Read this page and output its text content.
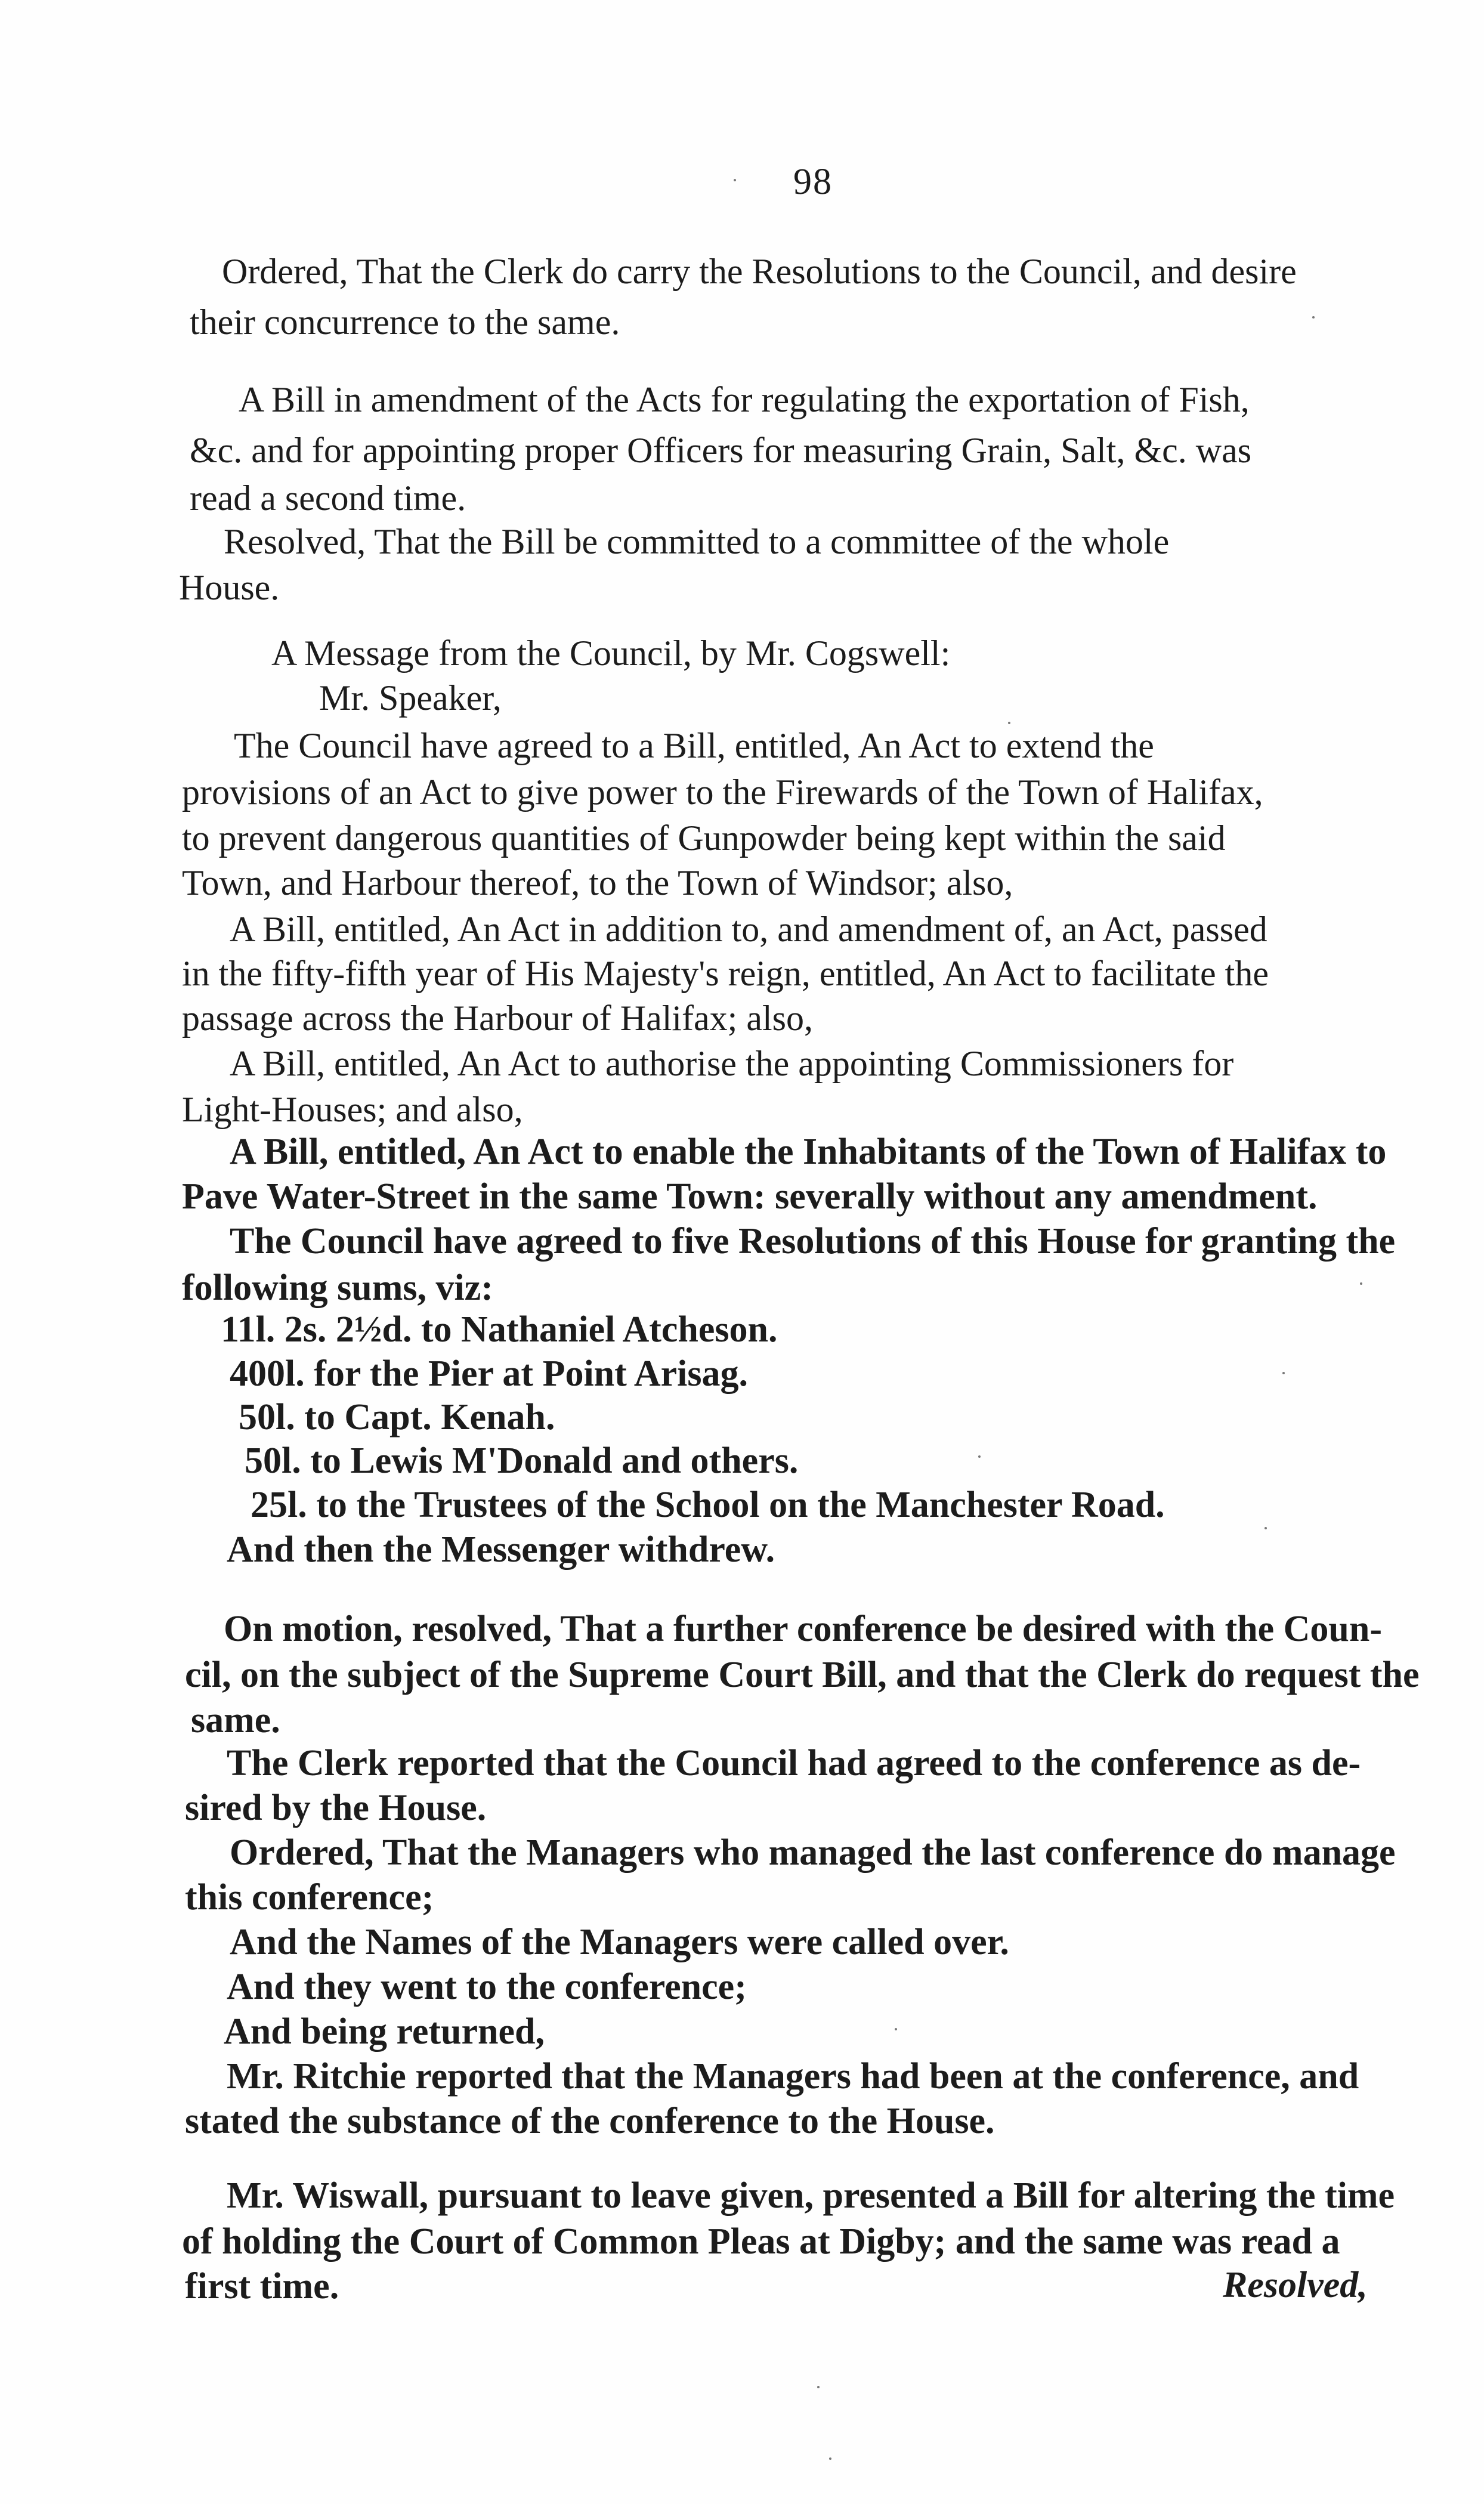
98
Ordered, That the Clerk do carry the Resolutions to the Council, and desire
their concurrence to the same.
A Bill in amendment of the Acts for regulating the exportation of Fish,
&c. and for appointing proper Officers for measuring Grain, Salt, &c. was
read a second time.
Resolved, That the Bill be committed to a committee of the whole
House.
A Message from the Council, by Mr. Cogswell:
Mr. Speaker,
The Council have agreed to a Bill, entitled, An Act to extend the
provisions of an Act to give power to the Firewards of the Town of Halifax,
to prevent dangerous quantities of Gunpowder being kept within the said
Town, and Harbour thereof, to the Town of Windsor; also,
A Bill, entitled, An Act in addition to, and amendment of, an Act, passed
in the fifty-fifth year of His Majesty's reign, entitled, An Act to facilitate the
passage across the Harbour of Halifax; also,
A Bill, entitled, An Act to authorise the appointing Commissioners for
Light-Houses; and also,
A Bill, entitled, An Act to enable the Inhabitants of the Town of Halifax to
Pave Water-Street in the same Town: severally without any amendment.
The Council have agreed to five Resolutions of this House for granting the
following sums, viz:
11l. 2s. 2½d. to Nathaniel Atcheson.
400l. for the Pier at Point Arisag.
50l. to Capt. Kenah.
50l. to Lewis M'Donald and others.
25l. to the Trustees of the School on the Manchester Road.
And then the Messenger withdrew.
On motion, resolved, That a further conference be desired with the Coun-
cil, on the subject of the Supreme Court Bill, and that the Clerk do request the
same.
The Clerk reported that the Council had agreed to the conference as de-
sired by the House.
Ordered, That the Managers who managed the last conference do manage
this conference;
And the Names of the Managers were called over.
And they went to the conference;
And being returned,
Mr. Ritchie reported that the Managers had been at the conference, and
stated the substance of the conference to the House.
Mr. Wiswall, pursuant to leave given, presented a Bill for altering the time
of holding the Court of Common Pleas at Digby; and the same was read a
first time.	Resolved,
